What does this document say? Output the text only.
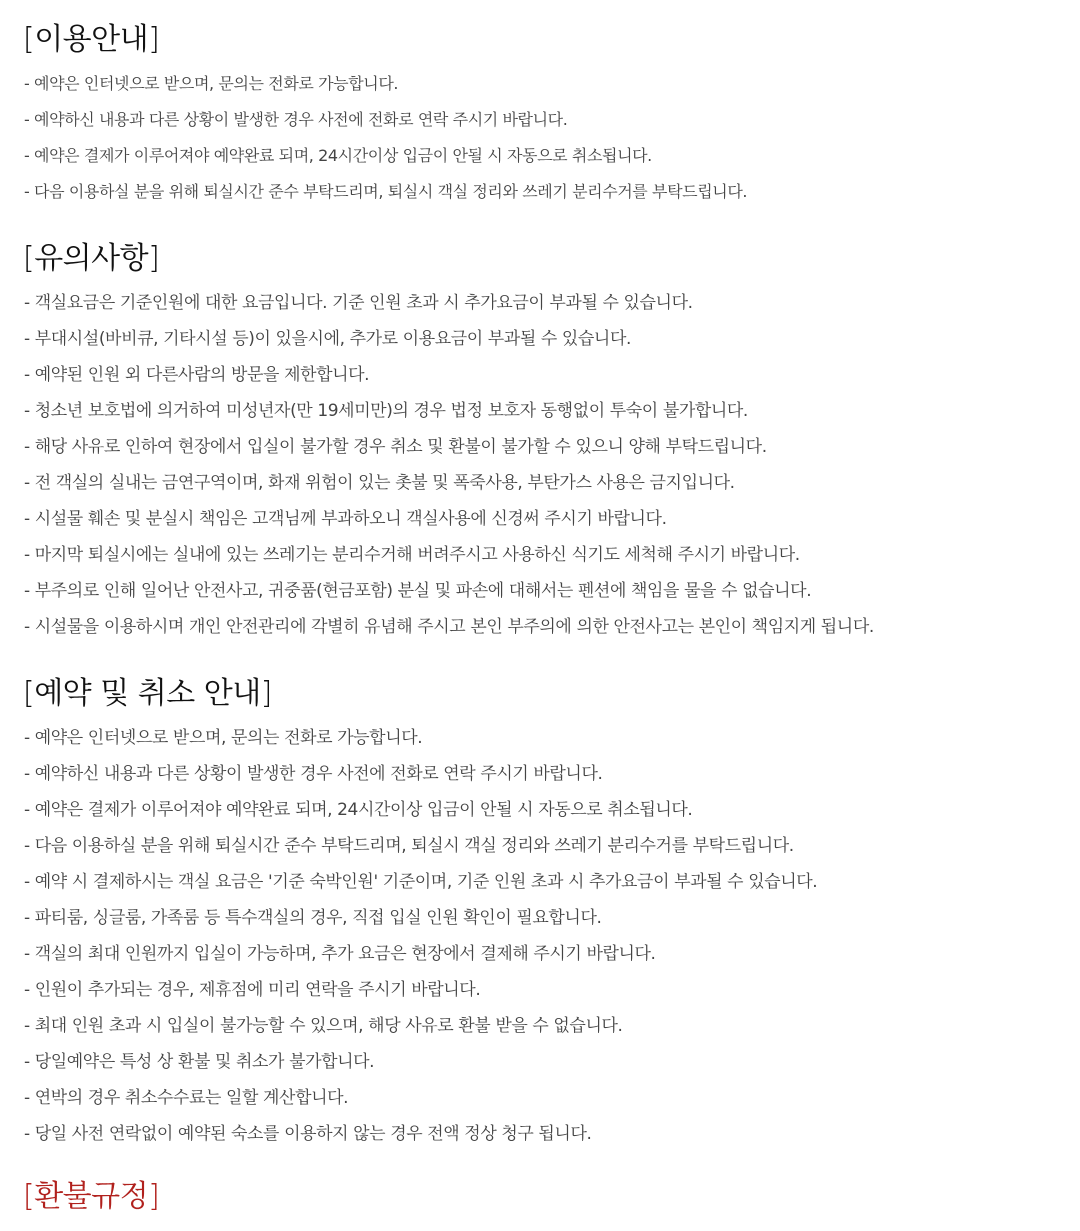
[이용안내]
- 예약은 인터넷으로 받으며, 문의는 전화로 가능합니다.
- 예약하신 내용과 다른 상황이 발생한 경우 사전에 전화로 연락 주시기 바랍니다.
- 예약은 결제가 이루어져야 예약완료 되며, 24시간이상 입금이 안될 시 자동으로 취소됩니다.
- 다음 이용하실 분을 위해 퇴실시간 준수 부탁드리며, 퇴실시 객실 정리와 쓰레기 분리수거를 부탁드립니다.
[유의사항]
- 객실요금은 기준인원에 대한 요금입니다. 기준 인원 초과 시 추가요금이 부과될 수 있습니다.
- 부대시설(바비큐, 기타시설 등)이 있을시에, 추가로 이용요금이 부과될 수 있습니다.
- 예약된 인원 외 다른사람의 방문을 제한합니다.
- 청소년 보호법에 의거하여 미성년자(만 19세미만)의 경우 법정 보호자 동행없이 투숙이 불가합니다.
- 해당 사유로 인하여 현장에서 입실이 불가할 경우 취소 및 환불이 불가할 수 있으니 양해 부탁드립니다.
- 전 객실의 실내는 금연구역이며, 화재 위험이 있는 촛불 및 폭죽사용, 부탄가스 사용은 금지입니다.
- 시설물 훼손 및 분실시 책임은 고객님께 부과하오니 객실사용에 신경써 주시기 바랍니다.
- 마지막 퇴실시에는 실내에 있는 쓰레기는 분리수거해 버려주시고 사용하신 식기도 세척해 주시기 바랍니다.
- 부주의로 인해 일어난 안전사고, 귀중품(현금포함) 분실 및 파손에 대해서는 펜션에 책임을 물을 수 없습니다.
- 시설물을 이용하시며 개인 안전관리에 각별히 유념해 주시고 본인 부주의에 의한 안전사고는 본인이 책임지게 됩니다.
[예약 및 취소 안내]
- 예약은 인터넷으로 받으며, 문의는 전화로 가능합니다.
- 예약하신 내용과 다른 상황이 발생한 경우 사전에 전화로 연락 주시기 바랍니다.
- 예약은 결제가 이루어져야 예약완료 되며, 24시간이상 입금이 안될 시 자동으로 취소됩니다.
- 다음 이용하실 분을 위해 퇴실시간 준수 부탁드리며, 퇴실시 객실 정리와 쓰레기 분리수거를 부탁드립니다.
- 예약 시 결제하시는 객실 요금은 '기준 숙박인원' 기준이며, 기준 인원 초과 시 추가요금이 부과될 수 있습니다.
- 파티룸, 싱글룸, 가족룸 등 특수객실의 경우, 직접 입실 인원 확인이 필요합니다.
- 객실의 최대 인원까지 입실이 가능하며, 추가 요금은 현장에서 결제해 주시기 바랍니다.
- 인원이 추가되는 경우, 제휴점에 미리 연락을 주시기 바랍니다.
- 최대 인원 초과 시 입실이 불가능할 수 있으며, 해당 사유로 환불 받을 수 없습니다.
- 당일예약은 특성 상 환불 및 취소가 불가합니다.
- 연박의 경우 취소수수료는 일할 계산합니다.
- 당일 사전 연락없이 예약된 숙소를 이용하지 않는 경우 전액 정상 청구 됩니다.
[환불규정]
